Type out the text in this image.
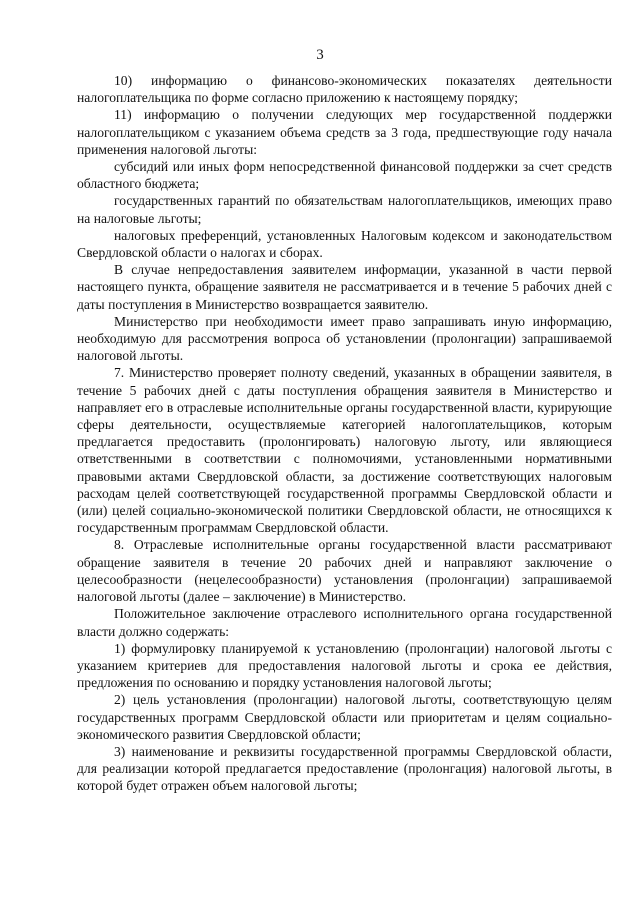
3

10) информацию о финансово-экономических показателях деятельности налогоплательщика по форме согласно приложению к настоящему порядку;

11) информацию о получении следующих мер государственной поддержки налогоплательщиком с указанием объема средств за 3 года, предшествующие году начала применения налоговой льготы:

субсидий или иных форм непосредственной финансовой поддержки за счет средств областного бюджета;

государственных гарантий по обязательствам налогоплательщиков, имеющих право на налоговые льготы;

налоговых преференций, установленных Налоговым кодексом и законодательством Свердловской области о налогах и сборах.

В случае непредоставления заявителем информации, указанной в части первой настоящего пункта, обращение заявителя не рассматривается и в течение 5 рабочих дней с даты поступления в Министерство возвращается заявителю.

Министерство при необходимости имеет право запрашивать иную информацию, необходимую для рассмотрения вопроса об установлении (пролонгации) запрашиваемой налоговой льготы.

7. Министерство проверяет полноту сведений, указанных в обращении заявителя, в течение 5 рабочих дней с даты поступления обращения заявителя в Министерство и направляет его в отраслевые исполнительные органы государственной власти, курирующие сферы деятельности, осуществляемые категорией налогоплательщиков, которым предлагается предоставить (пролонгировать) налоговую льготу, или являющиеся ответственными в соответствии с полномочиями, установленными нормативными правовыми актами Свердловской области, за достижение соответствующих налоговым расходам целей соответствующей государственной программы Свердловской области и (или) целей социально-экономической политики Свердловской области, не относящихся к государственным программам Свердловской области.

8. Отраслевые исполнительные органы государственной власти рассматривают обращение заявителя в течение 20 рабочих дней и направляют заключение о целесообразности (нецелесообразности) установления (пролонгации) запрашиваемой налоговой льготы (далее – заключение) в Министерство.

Положительное заключение отраслевого исполнительного органа государственной власти должно содержать:

1) формулировку планируемой к установлению (пролонгации) налоговой льготы с указанием критериев для предоставления налоговой льготы и срока ее действия, предложения по основанию и порядку установления налоговой льготы;

2) цель установления (пролонгации) налоговой льготы, соответствующую целям государственных программ Свердловской области или приоритетам и целям социально-экономического развития Свердловской области;

3) наименование и реквизиты государственной программы Свердловской области, для реализации которой предлагается предоставление (пролонгация) налоговой льготы, в которой будет отражен объем налоговой льготы;
